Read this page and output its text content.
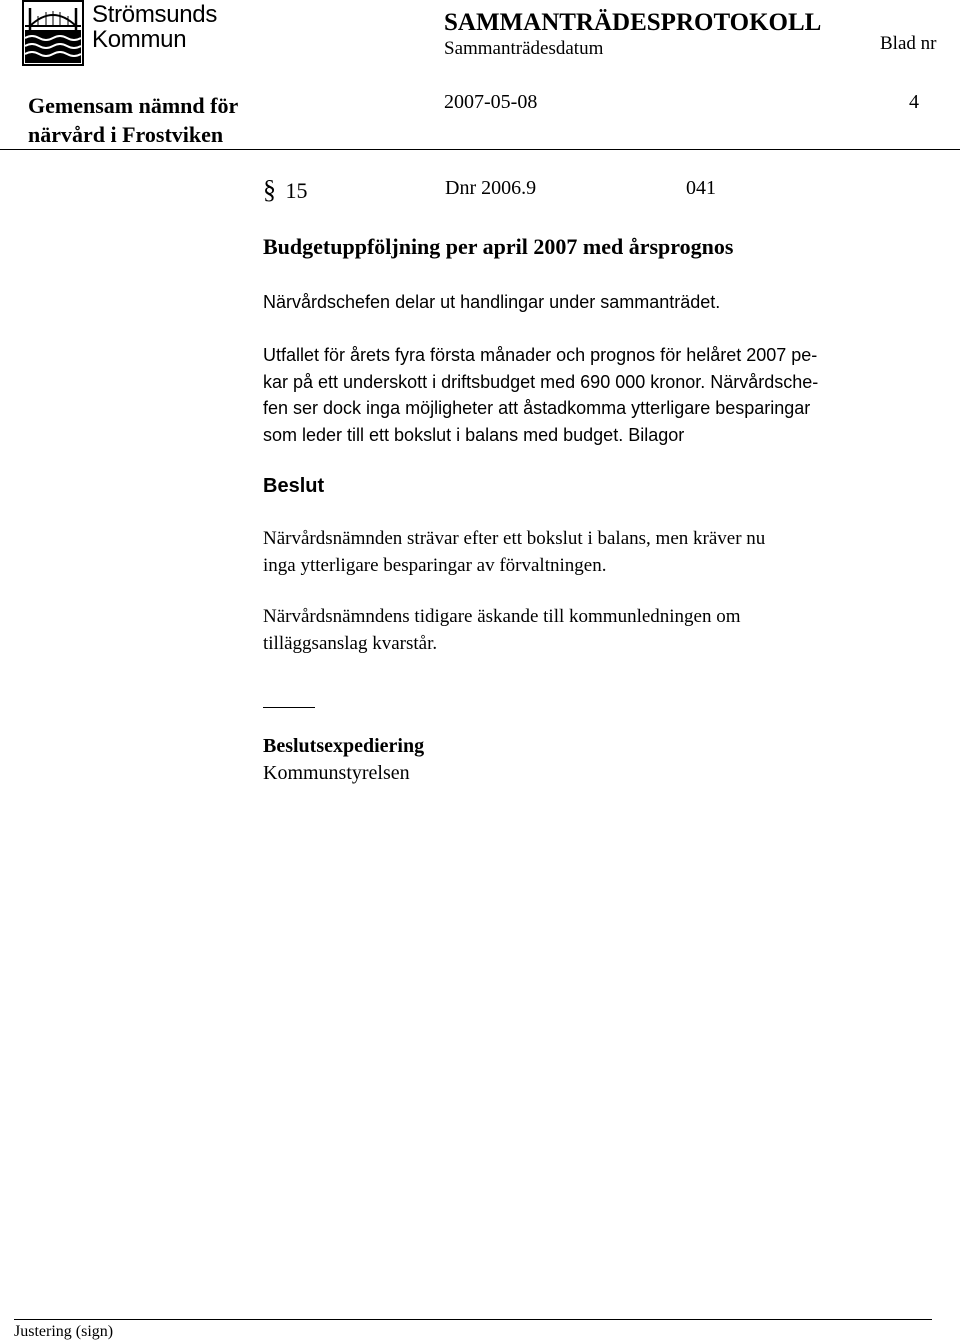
Strömsunds
Kommun
SAMMANTRÄDESPROTOKOLL
Sammanträdesdatum	Blad nr
Gemensam nämnd för
närvård i Frostviken
2007-05-08	4
§ 15	Dnr 2006.9	041
Budgetuppföljning per april 2007 med årsprognos
Närvårdschefen delar ut handlingar under sammanträdet.
Utfallet för årets fyra första månader och prognos för helåret 2007 pe-
kar på ett underskott i driftsbudget med 690 000 kronor. Närvårdsche-
fen ser dock inga möjligheter att åstadkomma ytterligare besparingar
som leder till ett bokslut i balans med budget. Bilagor
Beslut
Närvårdsnämnden strävar efter ett bokslut i balans, men kräver nu
inga ytterligare besparingar av förvaltningen.
Närvårdsnämndens tidigare äskande till kommunledningen om
tilläggsanslag kvarstår.
Beslutsexpediering
Kommunstyrelsen
Justering (sign)
